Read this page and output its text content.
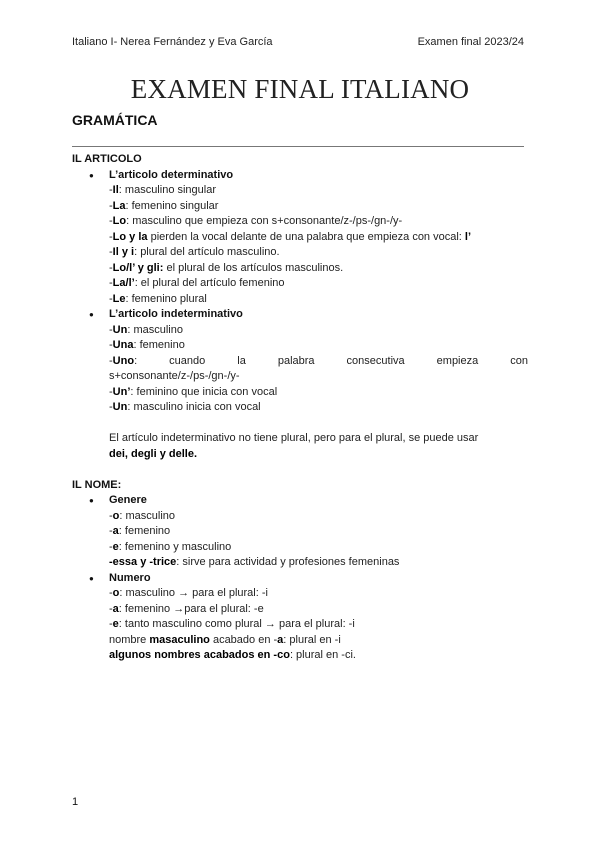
Italiano I- Nerea Fernández y Eva García	Examen final 2023/24
EXAMEN FINAL ITALIANO
GRAMÁTICA
IL ARTICOLO
● L’articolo determinativo
-Il: masculino singular
-La: femenino singular
-Lo: masculino que empieza con s+consonante/z-/ps-/gn-/y-
-Lo y la pierden la vocal delante de una palabra que empieza con vocal: l’
-Il y i: plural del artículo masculino.
-Lo/l’ y gli: el plural de los artículos masculinos.
-La/l’: el plural del artículo femenino
-Le: femenino plural
● L’articolo indeterminativo
-Un: masculino
-Una: femenino
-Uno: cuando la palabra consecutiva empieza con
s+consonante/z-/ps-/gn-/y-
-Un’: feminino que inicia con vocal
-Un: masculino inicia con vocal
El artículo indeterminativo no tiene plural, pero para el plural, se puede usar
dei, degli y delle.
IL NOME:
● Genere
-o: masculino
-a: femenino
-e: femenino y masculino
-essa y -trice: sirve para actividad y profesiones femeninas
● Numero
-o: masculino → para el plural: -i
-a: femenino →para el plural: -e
-e: tanto masculino como plural → para el plural: -i
nombre masaculino acabado en -a: plural en -i
algunos nombres acabados en -co: plural en -ci.
1
